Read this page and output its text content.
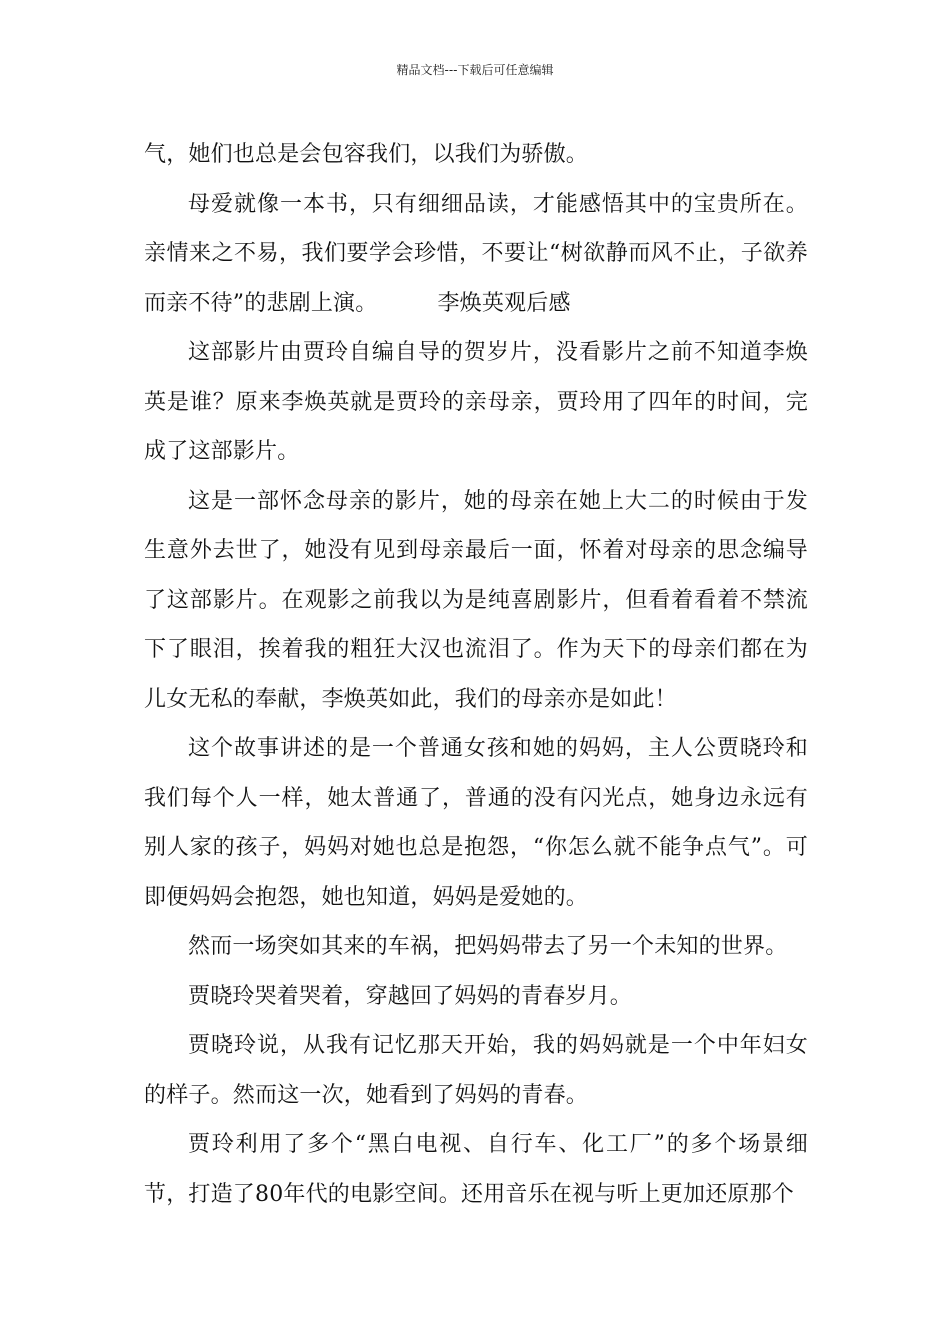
精品文档---下载后可任意编辑

气，她们也总是会包容我们，以我们为骄傲。

母爱就像一本书，只有细细品读，才能感悟其中的宝贵所在。亲情来之不易，我们要学会珍惜，不要让“树欲静而风不止，子欲养而亲不待”的悲剧上演。	李焕英观后感

这部影片由贾玲自编自导的贺岁片，没看影片之前不知道李焕英是谁？原来李焕英就是贾玲的亲母亲，贾玲用了四年的时间，完成了这部影片。

这是一部怀念母亲的影片，她的母亲在她上大二的时候由于发生意外去世了，她没有见到母亲最后一面，怀着对母亲的思念编导了这部影片。在观影之前我以为是纯喜剧影片，但看着看着不禁流下了眼泪，挨着我的粗狂大汉也流泪了。作为天下的母亲们都在为儿女无私的奉献，李焕英如此，我们的母亲亦是如此！

这个故事讲述的是一个普通女孩和她的妈妈，主人公贾晓玲和我们每个人一样，她太普通了，普通的没有闪光点，她身边永远有别人家的孩子，妈妈对她也总是抱怨，“你怎么就不能争点气”。可即便妈妈会抱怨，她也知道，妈妈是爱她的。

然而一场突如其来的车祸，把妈妈带去了另一个未知的世界。

贾晓玲哭着哭着，穿越回了妈妈的青春岁月。

贾晓玲说，从我有记忆那天开始，我的妈妈就是一个中年妇女的样子。然而这一次，她看到了妈妈的青春。

贾玲利用了多个“黑白电视、自行车、化工厂”的多个场景细节，打造了80年代的电影空间。还用音乐在视与听上更加还原那个
